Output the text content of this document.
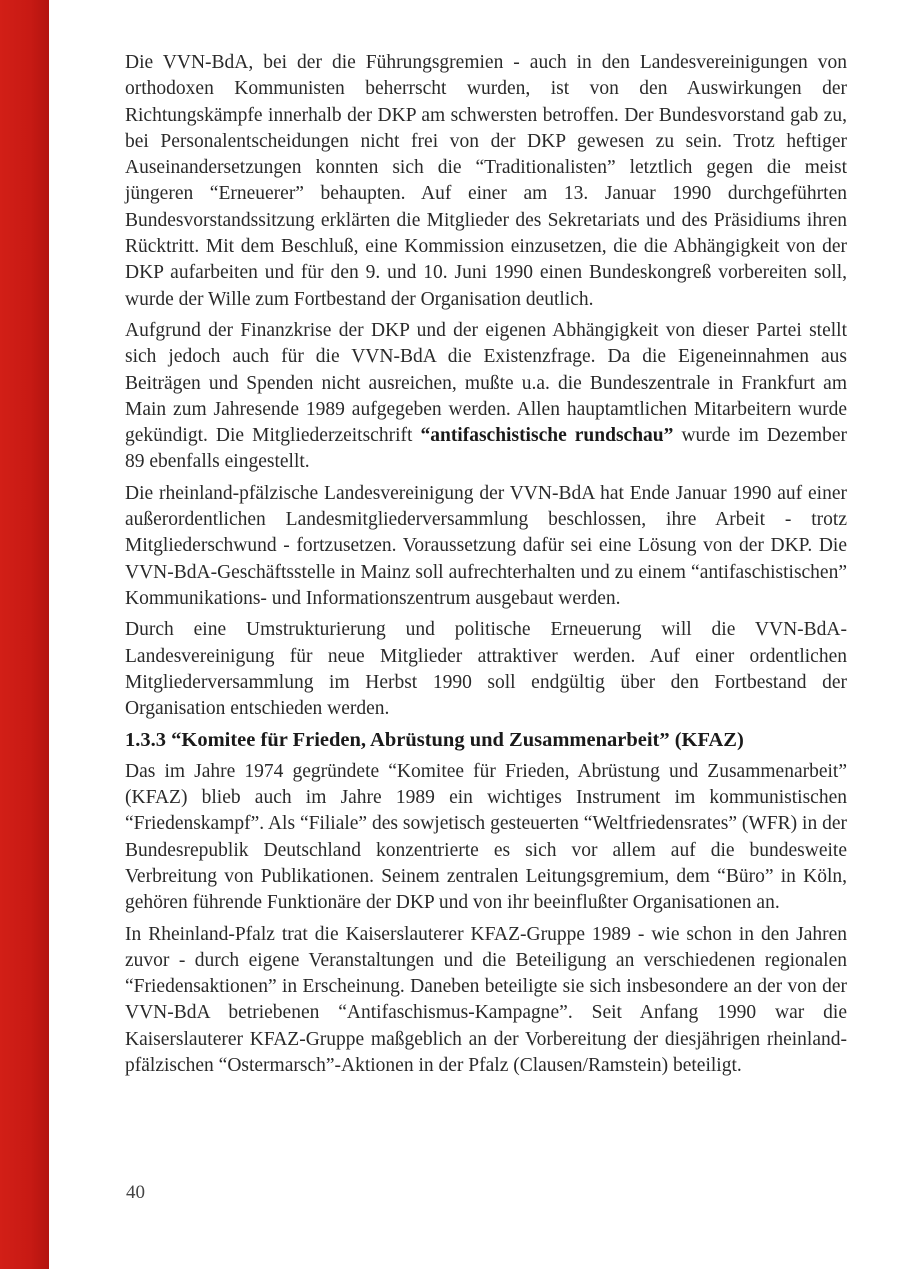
Die VVN-BdA, bei der die Führungsgremien - auch in den Landesvereinigungen von orthodoxen Kommunisten beherrscht wurden, ist von den Auswirkungen der Richtungskämpfe innerhalb der DKP am schwersten betroffen. Der Bundesvorstand gab zu, bei Personalentscheidungen nicht frei von der DKP gewesen zu sein. Trotz heftiger Auseinandersetzungen konnten sich die “Traditionalisten” letztlich gegen die meist jüngeren “Erneuerer” behaupten. Auf einer am 13. Januar 1990 durchgeführten Bundesvorstandssitzung erklärten die Mitglieder des Sekretariats und des Präsidiums ihren Rücktritt. Mit dem Beschluß, eine Kommission einzusetzen, die die Abhängigkeit von der DKP aufarbeiten und für den 9. und 10. Juni 1990 einen Bundeskongreß vorbereiten soll, wurde der Wille zum Fortbestand der Organisation deutlich.

Aufgrund der Finanzkrise der DKP und der eigenen Abhängigkeit von dieser Partei stellt sich jedoch auch für die VVN-BdA die Existenzfrage. Da die Eigeneinnahmen aus Beiträgen und Spenden nicht ausreichen, mußte u.a. die Bundeszentrale in Frankfurt am Main zum Jahresende 1989 aufgegeben werden. Allen hauptamtlichen Mitarbeitern wurde gekündigt. Die Mitgliederzeitschrift “antifaschistische rundschau” wurde im Dezember 89 ebenfalls eingestellt.

Die rheinland-pfälzische Landesvereinigung der VVN-BdA hat Ende Januar 1990 auf einer außerordentlichen Landesmitgliederversammlung beschlossen, ihre Arbeit - trotz Mitgliederschwund - fortzusetzen. Voraussetzung dafür sei eine Lösung von der DKP. Die VVN-BdA-Geschäftsstelle in Mainz soll aufrechterhalten und zu einem “antifaschistischen” Kommunikations- und Informationszentrum ausgebaut werden.

Durch eine Umstrukturierung und politische Erneuerung will die VVN-BdA-Landesvereinigung für neue Mitglieder attraktiver werden. Auf einer ordentlichen Mitgliederversammlung im Herbst 1990 soll endgültig über den Fortbestand der Organisation entschieden werden.

1.3.3 “Komitee für Frieden, Abrüstung und Zusammenarbeit” (KFAZ)

Das im Jahre 1974 gegründete “Komitee für Frieden, Abrüstung und Zusammenarbeit” (KFAZ) blieb auch im Jahre 1989 ein wichtiges Instrument im kommunistischen “Friedenskampf”. Als “Filiale” des sowjetisch gesteuerten “Weltfriedensrates” (WFR) in der Bundesrepublik Deutschland konzentrierte es sich vor allem auf die bundesweite Verbreitung von Publikationen. Seinem zentralen Leitungsgremium, dem “Büro” in Köln, gehören führende Funktionäre der DKP und von ihr beeinflußter Organisationen an.

In Rheinland-Pfalz trat die Kaiserslauterer KFAZ-Gruppe 1989 - wie schon in den Jahren zuvor - durch eigene Veranstaltungen und die Beteiligung an verschiedenen regionalen “Friedensaktionen” in Erscheinung. Daneben beteiligte sie sich insbesondere an der von der VVN-BdA betriebenen “Antifaschismus-Kampagne”. Seit Anfang 1990 war die Kaiserslauterer KFAZ-Gruppe maßgeblich an der Vorbereitung der diesjährigen rheinland-pfälzischen “Ostermarsch”-Aktionen in der Pfalz (Clausen/Ramstein) beteiligt.

40
